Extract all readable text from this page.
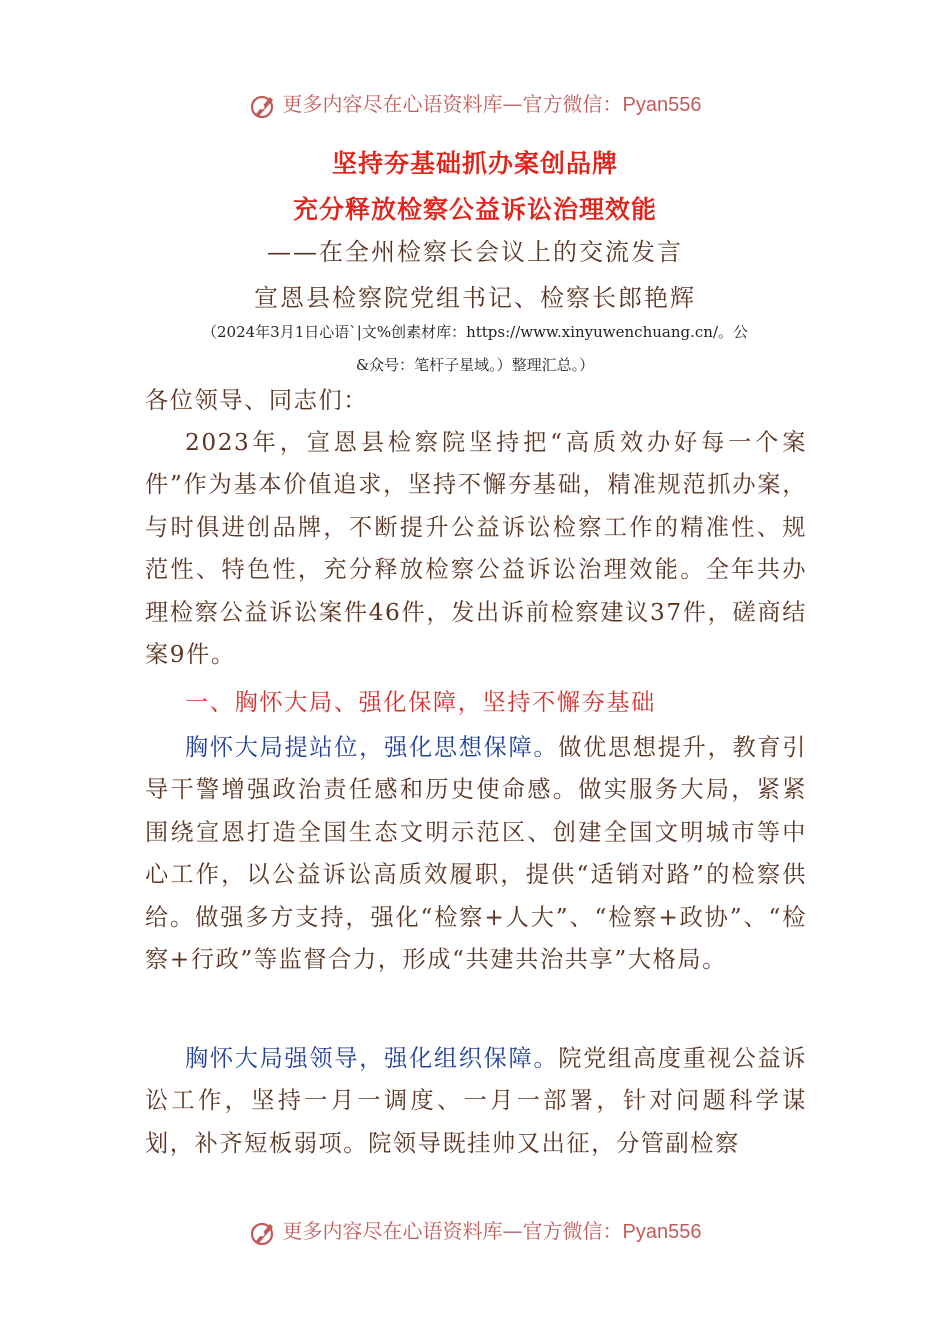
更多内容尽在心语资料库—官方微信：Pyan556
坚持夯基础抓办案创品牌
充分释放检察公益诉讼治理效能
——在全州检察长会议上的交流发言
宣恩县检察院党组书记、检察长郎艳辉
（2024年3月1日心语`|文%创素材库：https://www.xinyuwenchuang.cn/。公
&众号：笔杆子星域。）整理汇总。）
各位领导、同志们：
2023年，宣恩县检察院坚持把“高质效办好每一个案件”作为基本价值追求，坚持不懈夯基础，精准规范抓办案，与时俱进创品牌，不断提升公益诉讼检察工作的精准性、规范性、特色性，充分释放检察公益诉讼治理效能。全年共办理检察公益诉讼案件46件，发出诉前检察建议37件，磋商结案9件。
一、胸怀大局、强化保障，坚持不懈夯基础
胸怀大局提站位，强化思想保障。做优思想提升，教育引导干警增强政治责任感和历史使命感。做实服务大局，紧紧围绕宣恩打造全国生态文明示范区、创建全国文明城市等中心工作，以公益诉讼高质效履职，提供“适销对路”的检察供给。做强多方支持，强化“检察+人大”、“检察+政协”、“检察+行政”等监督合力，形成“共建共治共享”大格局。
胸怀大局强领导，强化组织保障。院党组高度重视公益诉讼工作，坚持一月一调度、一月一部署，针对问题科学谋划，补齐短板弱项。院领导既挂帅又出征，分管副检察
更多内容尽在心语资料库—官方微信：Pyan556
